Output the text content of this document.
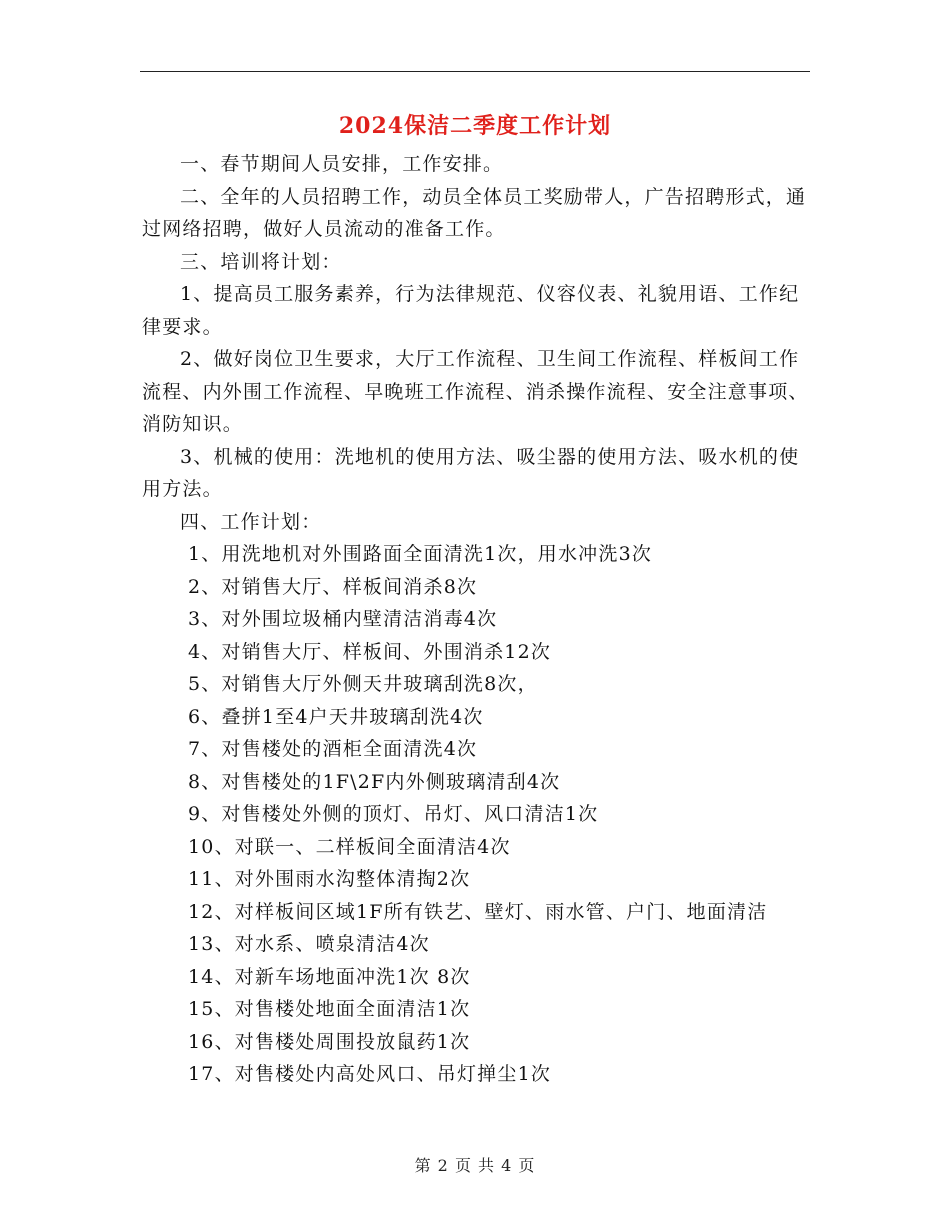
2024保洁二季度工作计划

一、春节期间人员安排，工作安排。

二、全年的人员招聘工作，动员全体员工奖励带人，广告招聘形式，通过网络招聘，做好人员流动的准备工作。

三、培训将计划：

1、提高员工服务素养，行为法律规范、仪容仪表、礼貌用语、工作纪律要求。

2、做好岗位卫生要求，大厅工作流程、卫生间工作流程、样板间工作流程、内外围工作流程、早晚班工作流程、消杀操作流程、安全注意事项、消防知识。

3、机械的使用：洗地机的使用方法、吸尘器的使用方法、吸水机的使用方法。

四、工作计划：

1、用洗地机对外围路面全面清洗1次，用水冲洗3次

2、对销售大厅、样板间消杀8次

3、对外围垃圾桶内壁清洁消毒4次

4、对销售大厅、样板间、外围消杀12次

5、对销售大厅外侧天井玻璃刮洗8次，

6、叠拼1至4户天井玻璃刮洗4次

7、对售楼处的酒柜全面清洗4次

8、对售楼处的1F\2F内外侧玻璃清刮4次

9、对售楼处外侧的顶灯、吊灯、风口清洁1次

10、对联一、二样板间全面清洁4次

11、对外围雨水沟整体清掏2次

12、对样板间区域1F所有铁艺、壁灯、雨水管、户门、地面清洁

13、对水系、喷泉清洁4次

14、对新车场地面冲洗1次 8次

15、对售楼处地面全面清洁1次

16、对售楼处周围投放鼠药1次

17、对售楼处内高处风口、吊灯掸尘1次

第 2 页 共 4 页
